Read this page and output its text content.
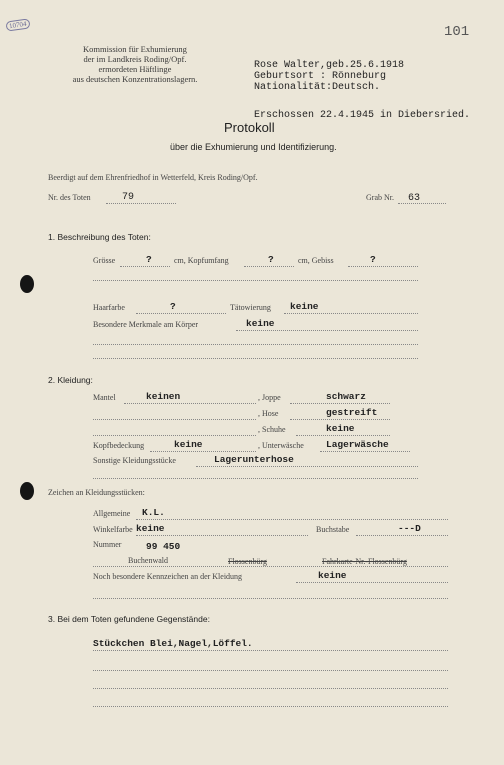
10704	101
Kommission für Exhumierung
der im Landkreis Roding/Opf.
ermordeten Häftlinge
aus deutschen Konzentrationslagern.
Rose Walter,geb.25.6.1918
Geburtsort : Rönneburg
Nationalität:Deutsch.
Erschossen 22.4.1945 in Diebersried.
Protokoll
über die Exhumierung und Identifizierung.
Beerdigt auf dem Ehrenfriedhof in Wetterfeld, Kreis Roding/Opf.
Nr. des Toten	79	Grab Nr. 63
1. Beschreibung des Toten:
Grösse	?	cm, Kopfumfang	?	cm, Gebiss	?
Haarfarbe	?	Tätowierung keine
Besondere Merkmale am Körper	keine
2. Kleidung:
Mantel	keinen	, Joppe	schwarz
, Hose	gestreift
, Schuhe	keine
Kopfbedeckung	keine	, Unterwäsche Lagerwäsche
Sonstige Kleidungsstücke	Lagerunterhose
Zeichen an Kleidungsstücken:
Allgemeine K.L.
Winkelfarbe keine	Buchstabe	---D
Nummer	99 450
Buchenwald	Flossenbürg	Fahrkarte-Nr.-Flossenbürg
Noch besondere Kennzeichen an der Kleidung	keine
3. Bei dem Toten gefundene Gegenstände:
Stückchen Blei,Nagel,Löffel.
